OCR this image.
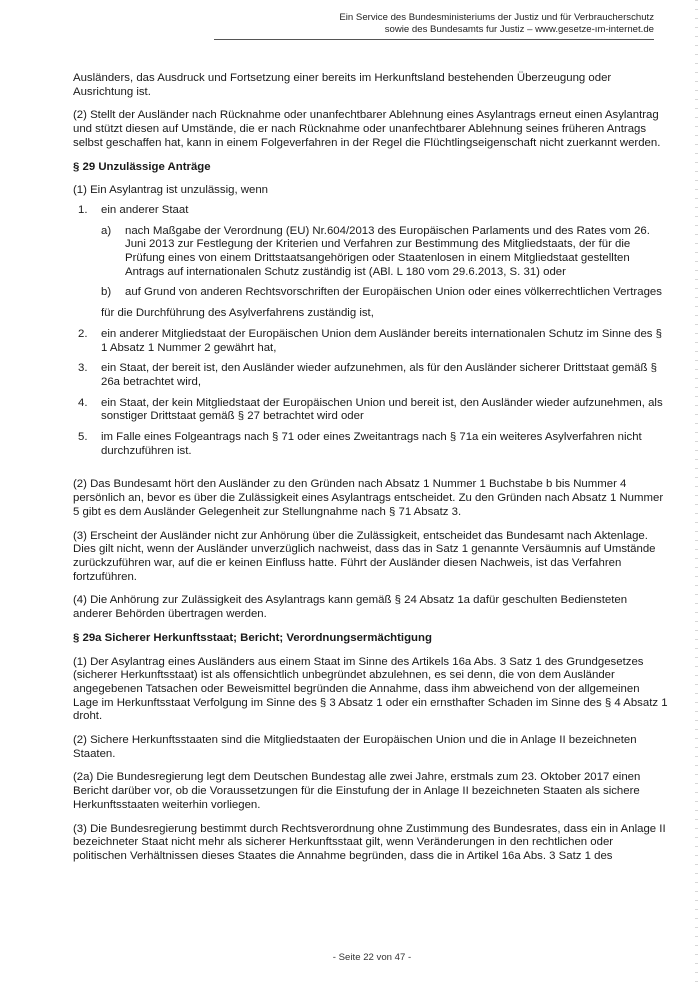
Ein Service des Bundesministeriums der Justiz und für Verbraucherschutz
sowie des Bundesamts fur Justiz – www.gesetze-ım-internet.de

Ausländers, das Ausdruck und Fortsetzung einer bereits im Herkunftsland bestehenden Überzeugung oder Ausrichtung ist.

(2) Stellt der Ausländer nach Rücknahme oder unanfechtbarer Ablehnung eines Asylantrags erneut einen Asylantrag und stützt diesen auf Umstände, die er nach Rücknahme oder unanfechtbarer Ablehnung seines früheren Antrags selbst geschaffen hat, kann in einem Folgeverfahren in der Regel die Flüchtlingseigenschaft nicht zuerkannt werden.

§ 29 Unzulässige Anträge

(1) Ein Asylantrag ist unzulässig, wenn

1.	ein anderer Staat
a) nach Maßgabe der Verordnung (EU) Nr.604/2013 des Europäischen Parlaments und des Rates vom 26. Juni 2013 zur Festlegung der Kriterien und Verfahren zur Bestimmung des Mitgliedstaats, der für die Prüfung eines von einem Drittstaatsangehörigen oder Staatenlosen in einem Mitgliedstaat gestellten Antrags auf internationalen Schutz zuständig ist (ABl. L 180 vom 29.6.2013, S. 31) oder
b) auf Grund von anderen Rechtsvorschriften der Europäischen Union oder eines völkerrechtlichen Vertrages
für die Durchführung des Asylverfahrens zuständig ist,
2.	ein anderer Mitgliedstaat der Europäischen Union dem Ausländer bereits internationalen Schutz im Sinne des § 1 Absatz 1 Nummer 2 gewährt hat,
3.	ein Staat, der bereit ist, den Ausländer wieder aufzunehmen, als für den Ausländer sicherer Drittstaat gemäß § 26a betrachtet wird,
4.	ein Staat, der kein Mitgliedstaat der Europäischen Union und bereit ist, den Ausländer wieder aufzunehmen, als sonstiger Drittstaat gemäß § 27 betrachtet wird oder
5.	im Falle eines Folgeantrags nach § 71 oder eines Zweitantrags nach § 71a ein weiteres Asylverfahren nicht durchzuführen ist.

(2) Das Bundesamt hört den Ausländer zu den Gründen nach Absatz 1 Nummer 1 Buchstabe b bis Nummer 4 persönlich an, bevor es über die Zulässigkeit eines Asylantrags entscheidet. Zu den Gründen nach Absatz 1 Nummer 5 gibt es dem Ausländer Gelegenheit zur Stellungnahme nach § 71 Absatz 3.

(3) Erscheint der Ausländer nicht zur Anhörung über die Zulässigkeit, entscheidet das Bundesamt nach Aktenlage. Dies gilt nicht, wenn der Ausländer unverzüglich nachweist, dass das in Satz 1 genannte Versäumnis auf Umstände zurückzuführen war, auf die er keinen Einfluss hatte. Führt der Ausländer diesen Nachweis, ist das Verfahren fortzuführen.

(4) Die Anhörung zur Zulässigkeit des Asylantrags kann gemäß § 24 Absatz 1a dafür geschulten Bediensteten anderer Behörden übertragen werden.

§ 29a Sicherer Herkunftsstaat; Bericht; Verordnungsermächtigung

(1) Der Asylantrag eines Ausländers aus einem Staat im Sinne des Artikels 16a Abs. 3 Satz 1 des Grundgesetzes (sicherer Herkunftsstaat) ist als offensichtlich unbegründet abzulehnen, es sei denn, die von dem Ausländer angegebenen Tatsachen oder Beweismittel begründen die Annahme, dass ihm abweichend von der allgemeinen Lage im Herkunftsstaat Verfolgung im Sinne des § 3 Absatz 1 oder ein ernsthafter Schaden im Sinne des § 4 Absatz 1 droht.

(2) Sichere Herkunftsstaaten sind die Mitgliedstaaten der Europäischen Union und die in Anlage II bezeichneten Staaten.

(2a) Die Bundesregierung legt dem Deutschen Bundestag alle zwei Jahre, erstmals zum 23. Oktober 2017 einen Bericht darüber vor, ob die Voraussetzungen für die Einstufung der in Anlage II bezeichneten Staaten als sichere Herkunftsstaaten weiterhin vorliegen.

(3) Die Bundesregierung bestimmt durch Rechtsverordnung ohne Zustimmung des Bundesrates, dass ein in Anlage II bezeichneter Staat nicht mehr als sicherer Herkunftsstaat gilt, wenn Veränderungen in den rechtlichen oder politischen Verhältnissen dieses Staates die Annahme begründen, dass die in Artikel 16a Abs. 3 Satz 1 des

- Seite 22 von 47 -
